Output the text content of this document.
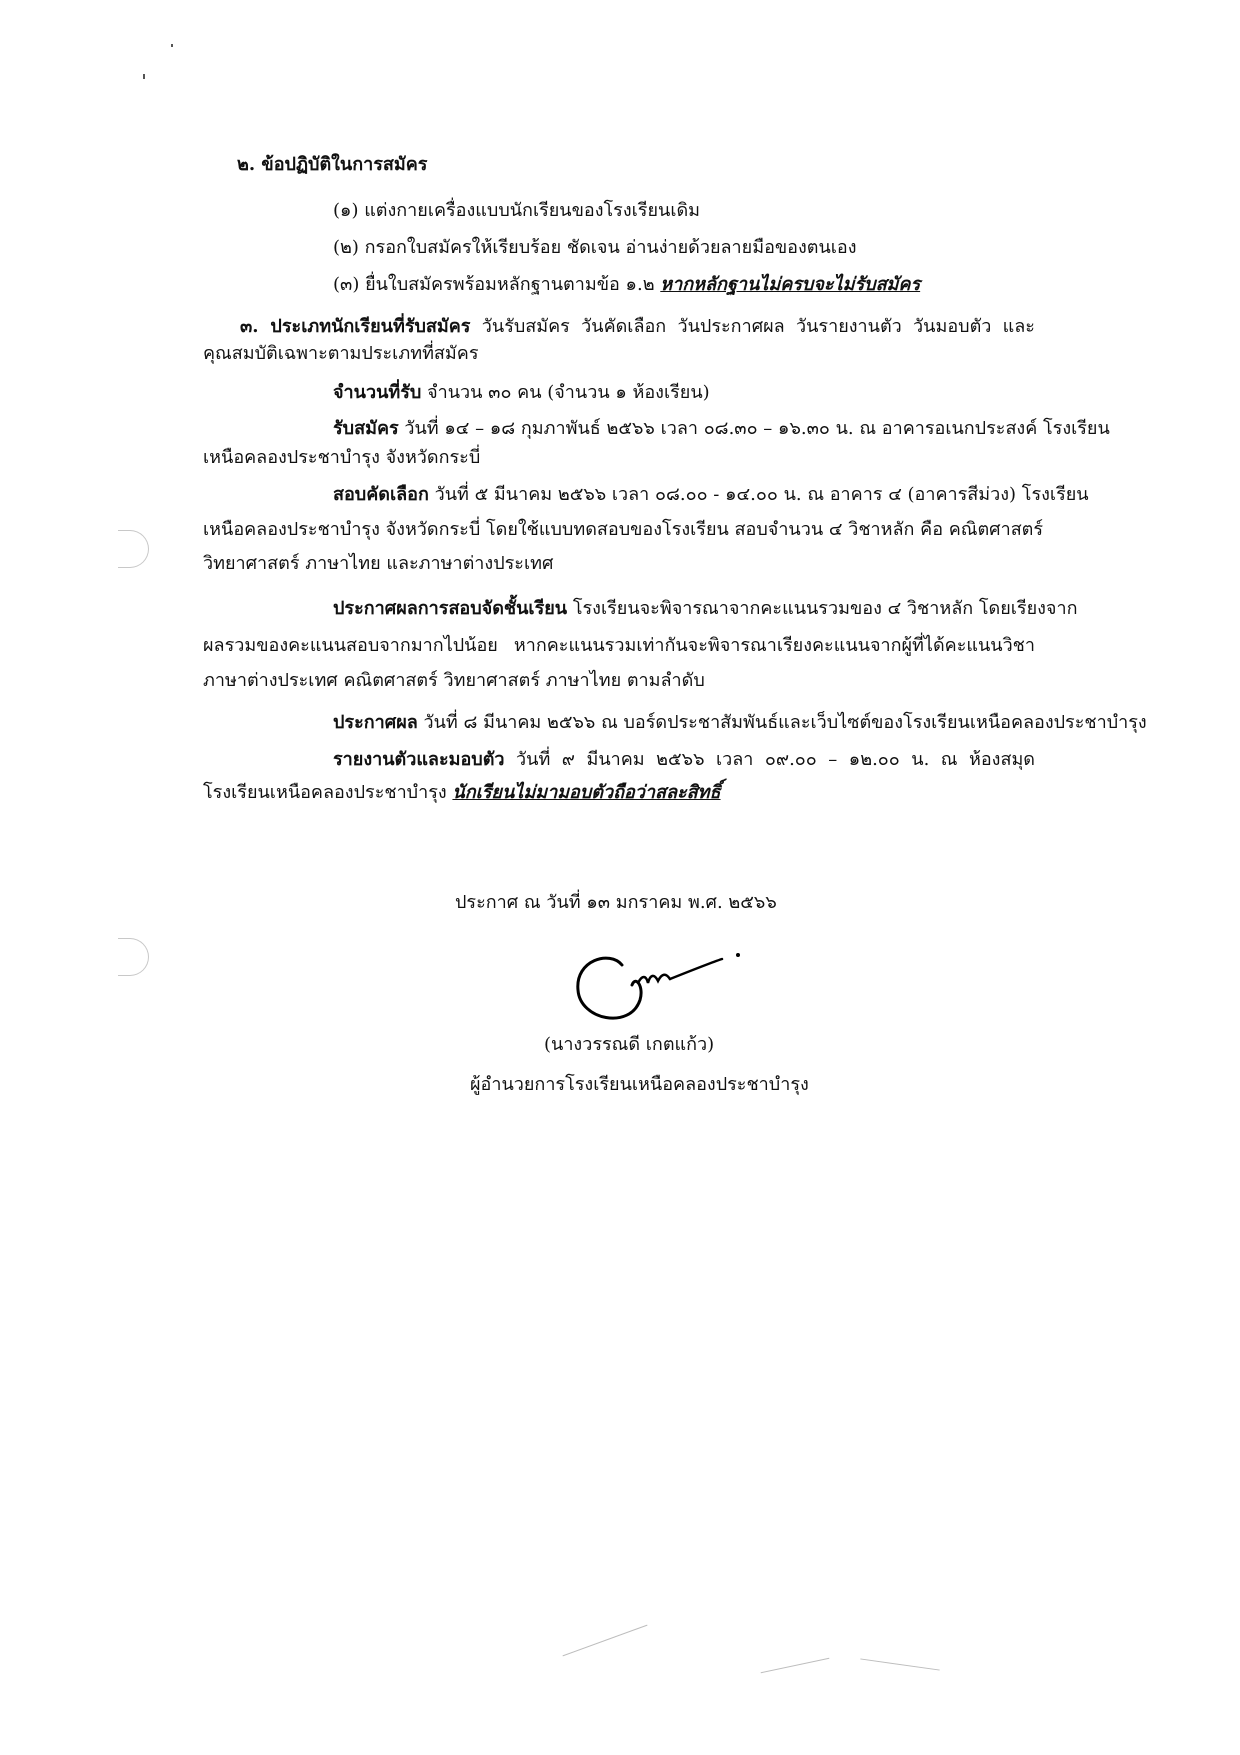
๒. ข้อปฏิบัติในการสมัคร
(๑) แต่งกายเครื่องแบบนักเรียนของโรงเรียนเดิม
(๒) กรอกใบสมัครให้เรียบร้อย ชัดเจน อ่านง่ายด้วยลายมือของตนเอง
(๓) ยื่นใบสมัครพร้อมหลักฐานตามข้อ ๑.๒ หากหลักฐานไม่ครบจะไม่รับสมัคร
๓. ประเภทนักเรียนที่รับสมัคร วันรับสมัคร วันคัดเลือก วันประกาศผล วันรายงานตัว วันมอบตัว และ
คุณสมบัติเฉพาะตามประเภทที่สมัคร
จำนวนที่รับ จำนวน ๓๐ คน (จำนวน ๑ ห้องเรียน)
รับสมัคร วันที่ ๑๔ – ๑๘ กุมภาพันธ์ ๒๕๖๖ เวลา ๐๘.๓๐ – ๑๖.๓๐ น. ณ อาคารอเนกประสงค์ โรงเรียน
เหนือคลองประชาบำรุง จังหวัดกระบี่
สอบคัดเลือก วันที่ ๕ มีนาคม ๒๕๖๖ เวลา ๐๘.๐๐ - ๑๔.๐๐ น. ณ อาคาร ๔ (อาคารสีม่วง) โรงเรียน
เหนือคลองประชาบำรุง จังหวัดกระบี่ โดยใช้แบบทดสอบของโรงเรียน สอบจำนวน ๔ วิชาหลัก คือ คณิตศาสตร์
วิทยาศาสตร์ ภาษาไทย และภาษาต่างประเทศ
ประกาศผลการสอบจัดชั้นเรียน โรงเรียนจะพิจารณาจากคะแนนรวมของ ๔ วิชาหลัก โดยเรียงจาก
ผลรวมของคะแนนสอบจากมากไปน้อย หากคะแนนรวมเท่ากันจะพิจารณาเรียงคะแนนจากผู้ที่ได้คะแนนวิชา
ภาษาต่างประเทศ คณิตศาสตร์ วิทยาศาสตร์ ภาษาไทย ตามลำดับ
ประกาศผล วันที่ ๘ มีนาคม ๒๕๖๖ ณ บอร์ดประชาสัมพันธ์และเว็บไซต์ของโรงเรียนเหนือคลองประชาบำรุง
รายงานตัวและมอบตัว วันที่ ๙ มีนาคม ๒๕๖๖ เวลา ๐๙.๐๐ – ๑๒.๐๐ น. ณ ห้องสมุด
โรงเรียนเหนือคลองประชาบำรุง นักเรียนไม่มามอบตัวถือว่าสละสิทธิ์
ประกาศ ณ วันที่ ๑๓ มกราคม พ.ศ. ๒๕๖๖
(นางวรรณดี เกตแก้ว)
ผู้อำนวยการโรงเรียนเหนือคลองประชาบำรุง
